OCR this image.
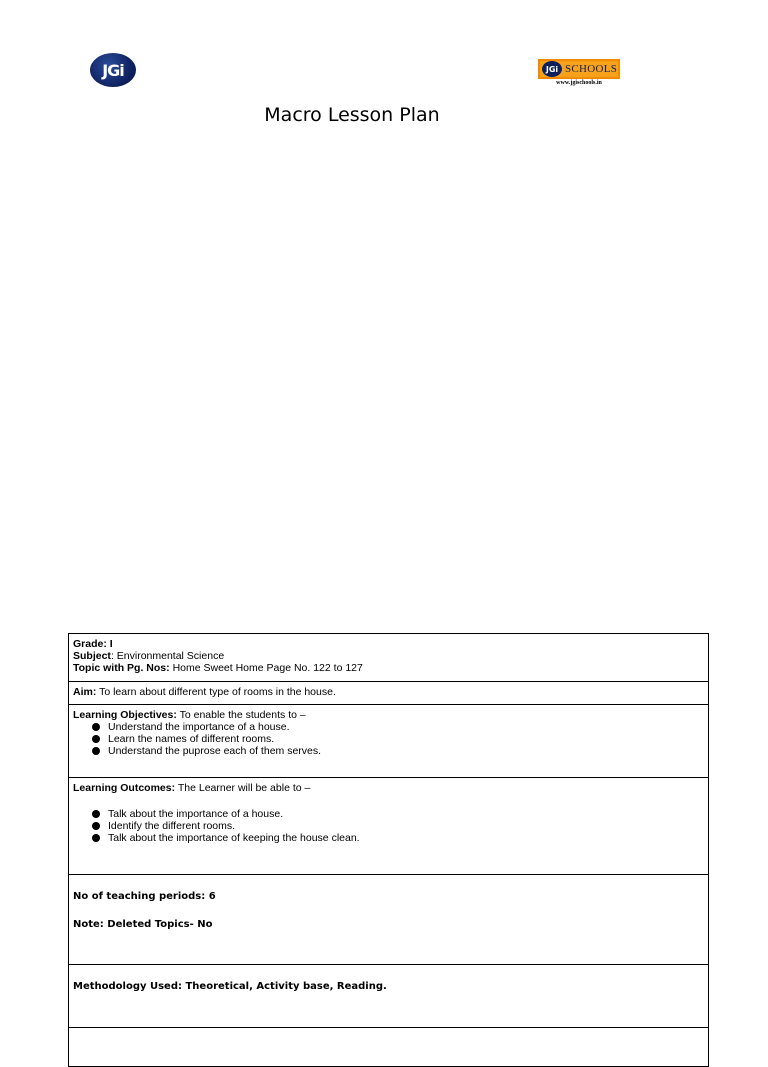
JGi	JGi SCHOOLS
www.jgischools.in
Macro Lesson Plan
Grade: I
Subject: Environmental Science
Topic with Pg. Nos: Home Sweet Home Page No. 122 to 127

Aim: To learn about different type of rooms in the house.

Learning Objectives: To enable the students to –
Understand the importance of a house.
Learn the names of different rooms.
Understand the puprose each of them serves.

Learning Outcomes: The Learner will be able to –
Talk about the importance of a house.
Identify the different rooms.
Talk about the importance of keeping the house clean.

No of teaching periods: 6
Note: Deleted Topics- No

Methodology Used: Theoretical, Activity base, Reading.
